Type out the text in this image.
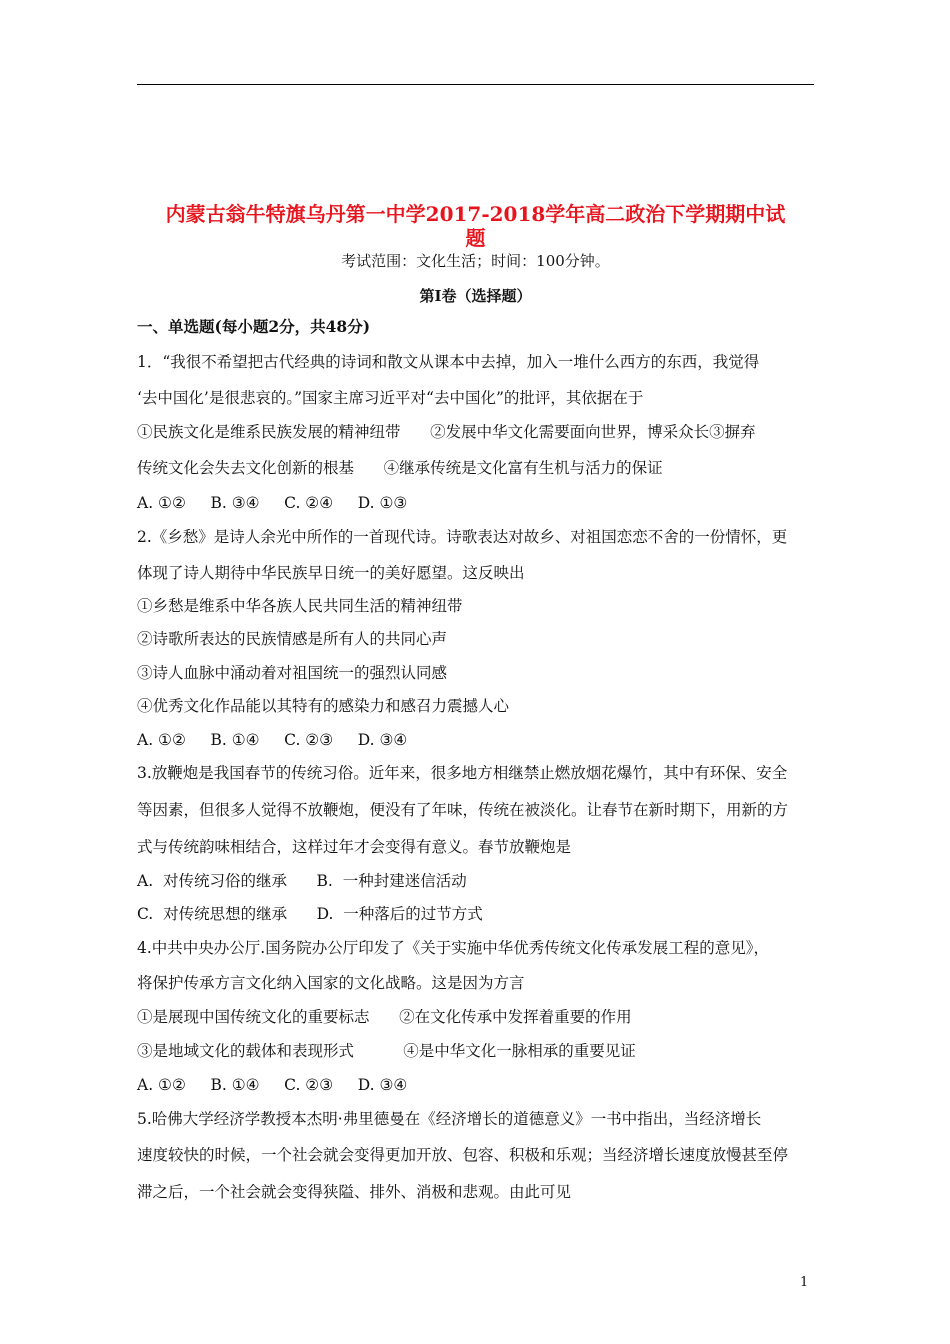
内蒙古翁牛特旗乌丹第一中学2017-2018学年高二政治下学期期中试
题
考试范围：文化生活；时间：100分钟。
第Ⅰ卷（选择题）
一、单选题(每小题2分，共48分)
1．“我很不希望把古代经典的诗词和散文从课本中去掉，加入一堆什么西方的东西，我觉得
‘去中国化’是很悲哀的。”国家主席习近平对“去中国化”的批评，其依据在于
①民族文化是维系民族发展的精神纽带      ②发展中华文化需要面向世界，博采众长③摒弃
传统文化会失去文化创新的根基      ④继承传统是文化富有生机与活力的保证
A. ①②     B. ③④     C. ②④     D. ①③
2.《乡愁》是诗人余光中所作的一首现代诗。诗歌表达对故乡、对祖国恋恋不舍的一份情怀，更
体现了诗人期待中华民族早日统一的美好愿望。这反映出
①乡愁是维系中华各族人民共同生活的精神纽带
②诗歌所表达的民族情感是所有人的共同心声
③诗人血脉中涌动着对祖国统一的强烈认同感
④优秀文化作品能以其特有的感染力和感召力震撼人心
A. ①②     B. ①④     C. ②③     D. ③④
3.放鞭炮是我国春节的传统习俗。近年来，很多地方相继禁止燃放烟花爆竹，其中有环保、安全
等因素，但很多人觉得不放鞭炮，便没有了年味，传统在被淡化。让春节在新时期下，用新的方
式与传统韵味相结合，这样过年才会变得有意义。春节放鞭炮是
A.  对传统习俗的继承      B.  一种封建迷信活动
C.  对传统思想的继承      D.  一种落后的过节方式
4.中共中央办公厅.国务院办公厅印发了《关于实施中华优秀传统文化传承发展工程的意见》，
将保护传承方言文化纳入国家的文化战略。这是因为方言
①是展现中国传统文化的重要标志      ②在文化传承中发挥着重要的作用
③是地域文化的载体和表现形式          ④是中华文化一脉相承的重要见证
A. ①②     B. ①④     C. ②③     D. ③④
5.哈佛大学经济学教授本杰明·弗里德曼在《经济增长的道德意义》一书中指出，当经济增长
速度较快的时候，一个社会就会变得更加开放、包容、积极和乐观；当经济增长速度放慢甚至停
滞之后，一个社会就会变得狭隘、排外、消极和悲观。由此可见
1
